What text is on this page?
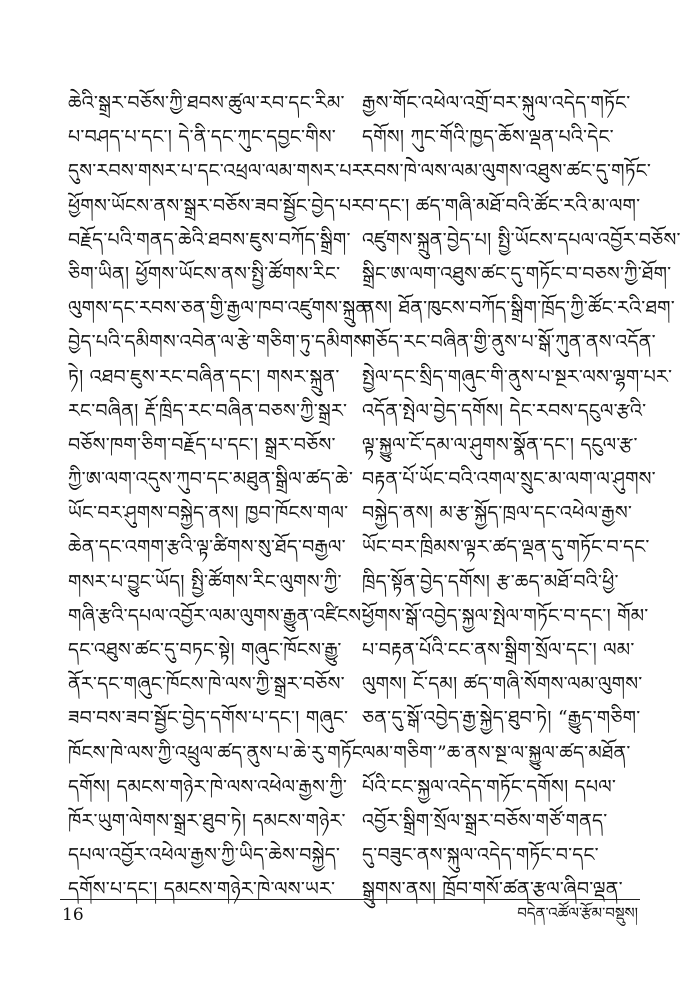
ཆེའི་སྒྲར་བཅོས་ཀྱི་ཐབས་ཚུལ་རབ་དང་རིམ་
པ་བཤད་པ་དང་། དེ་ནི་དང་ཀུང་དབྱང་གིས་
དུས་རབས་གསར་པ་དང་འཕྲལ་ལམ་གསར་པར་
ཕྱོགས་ཡོངས་ནས་སྒྲར་བཅོས་ཟབ་སྦྱོང་བྱེད་པར་
བརྗོད་པའི་གནད་ཆེའི་ཐབས་ཇུས་བཀོད་སྒྲིག་
ཅིག་ཡིན། ཕྱོགས་ཡོངས་ནས་སྤྱི་ཚོགས་རིང་
ལུགས་དང་རབས་ཅན་གྱི་རྒྱལ་ཁབ་འཛུགས་སྐྲུན་
བྱེད་པའི་དམིགས་འབེན་ལ་རྩེ་གཅིག་ཏུ་དམིགས་
ཏེ། འཐབ་ཇུས་རང་བཞིན་དང་། གསར་སྐྲུན་
རང་བཞིན། རྡོ་ཁྲིད་རང་བཞིན་བཅས་ཀྱི་སྒྲར་
བཅོས་ཁག་ཅིག་བརྗོད་པ་དང་། སྒྲར་བཅོས་
ཀྱི་ཨ་ལག་འདུས་ཀུབ་དང་མཐུན་སྒྲིལ་ཚད་ཆེ་
ཡོང་བར་ཤུགས་བསྐྱེད་ནས། ཁྱབ་ཁོངས་གལ་
ཆེན་དང་འགག་རྩའི་ལྟ་ཚིགས་སུ་ཐོད་བརྒྱལ་
གསར་པ་བྱུང་ཡོད། སྤྱི་ཚོགས་རིང་ལུགས་ཀྱི་
གཞི་རྩའི་དཔལ་འབྱོར་ལམ་ལུགས་རྒྱུན་འཛིངས་
དང་འཐུས་ཚང་དུ་བཏང་སྟེ། གཞུང་ཁོངས་རྒྱུ་
ནོར་དང་གཞུང་ཁོངས་ཁེ་ལས་ཀྱི་སྒྲར་བཅོས་
ཟབ་བས་ཟབ་སྦྱོང་བྱེད་དགོས་པ་དང་། གཞུང་
ཁོངས་ཁེ་ལས་ཀྱི་འཕྲུལ་ཚད་ནུས་པ་ཆེ་རུ་གཏོང་
དགོས། དམངས་གཉེར་ཁེ་ལས་འཕེལ་རྒྱས་ཀྱི་
ཁོར་ཡུག་ལེགས་སྒྲར་ཐུབ་ཏེ། དམངས་གཉེར་
དཔལ་འབྱོར་འཕེལ་རྒྱས་ཀྱི་ཡིད་ཆེས་བསྐྱེད་
དགོས་པ་དང་། དམངས་གཉེར་ཁེ་ལས་ཡར་
རྒྱས་གོང་འཕེལ་འགྲོ་བར་སྐུལ་འདེད་གཏོང་
དགོས། ཀུང་གོའི་ཁྱད་ཆོས་ལྡན་པའི་དེང་
རབས་ཁེ་ལས་ལམ་ལུགས་འཐུས་ཚང་དུ་གཏོང་
བ་དང་། ཚད་གཞི་མཐོ་བའི་ཚོང་རའི་མ་ལག་
འཛུགས་སྐྲུན་བྱེད་པ། སྤྱི་ཡོངས་དཔལ་འབྱོར་བཅོས་
སྒྲིང་ཨ་ལག་འཐུས་ཚང་དུ་གཏོང་བ་བཅས་ཀྱི་ཐོག་
ནས། ཐོན་ཁུངས་བཀོད་སྒྲིག་ཁྲོད་ཀྱི་ཚོང་རའི་ཐག་
གཅོད་རང་བཞིན་གྱི་ནུས་པ་སྒོ་ཀུན་ནས་འདོན་
སྤྱེལ་དང་སྲིད་གཞུང་གི་ནུས་པ་སྔར་ལས་ལྷག་པར་
འདོན་སྤེལ་བྱེད་དགོས། དེང་རབས་དངུལ་རྩའི་
ལྟ་སྐྱུལ་ངོ་དམ་ལ་ཤུགས་སྣོན་དང་། དངུལ་རྩ་
བརྟན་པོ་ཡོང་བའི་འགལ་སྲུང་མ་ལག་ལ་ཤུགས་
བསྐྱེད་ནས། མ་རྩ་སྐྱོད་ཁྲལ་དང་འཕེལ་རྒྱས་
ཡོང་བར་ཁྲིམས་ལྟར་ཚད་ལྡན་དུ་གཏོང་བ་དང་
ཁྲིད་སྟོན་བྱེད་དགོས། རྩ་ཆད་མཐོ་བའི་ཕྱི་
ཕྱོགས་སྒོ་འབྱེད་སྐྱལ་སྤེལ་གཏོང་བ་དང་། གོམ་
པ་བརྟན་པོའི་ངང་ནས་སྒྲིག་སྲོལ་དང་། ལམ་
ལུགས། ངོ་དམ། ཚད་གཞི་སོགས་ལམ་ལུགས་
ཅན་དུ་སྒོ་འབྱེད་རྒྱ་སྐྱེད་ཐུབ་ཏེ། “རྒྱུད་གཅིག་
ལམ་གཅིག་”ཆ་ནས་སྔ་ལ་སྐྱུལ་ཚད་མཐོན་
པོའི་ངང་སྐྱལ་འདེད་གཏོང་དགོས། དཔལ་
འབྱོར་སྒྲིག་སྲོལ་སྒྲར་བཅོས་གཙོ་གནད་
དུ་བཟུང་ནས་སྐུལ་འདེད་གཏོང་བ་དང་
སྒྲུགས་ནས། ཁྲོབ་གསོ་ཚན་རྩལ་ཞིབ་ལྡན་
16	བདེན་འཚོལ་རྩོམ་བསྡུས།
